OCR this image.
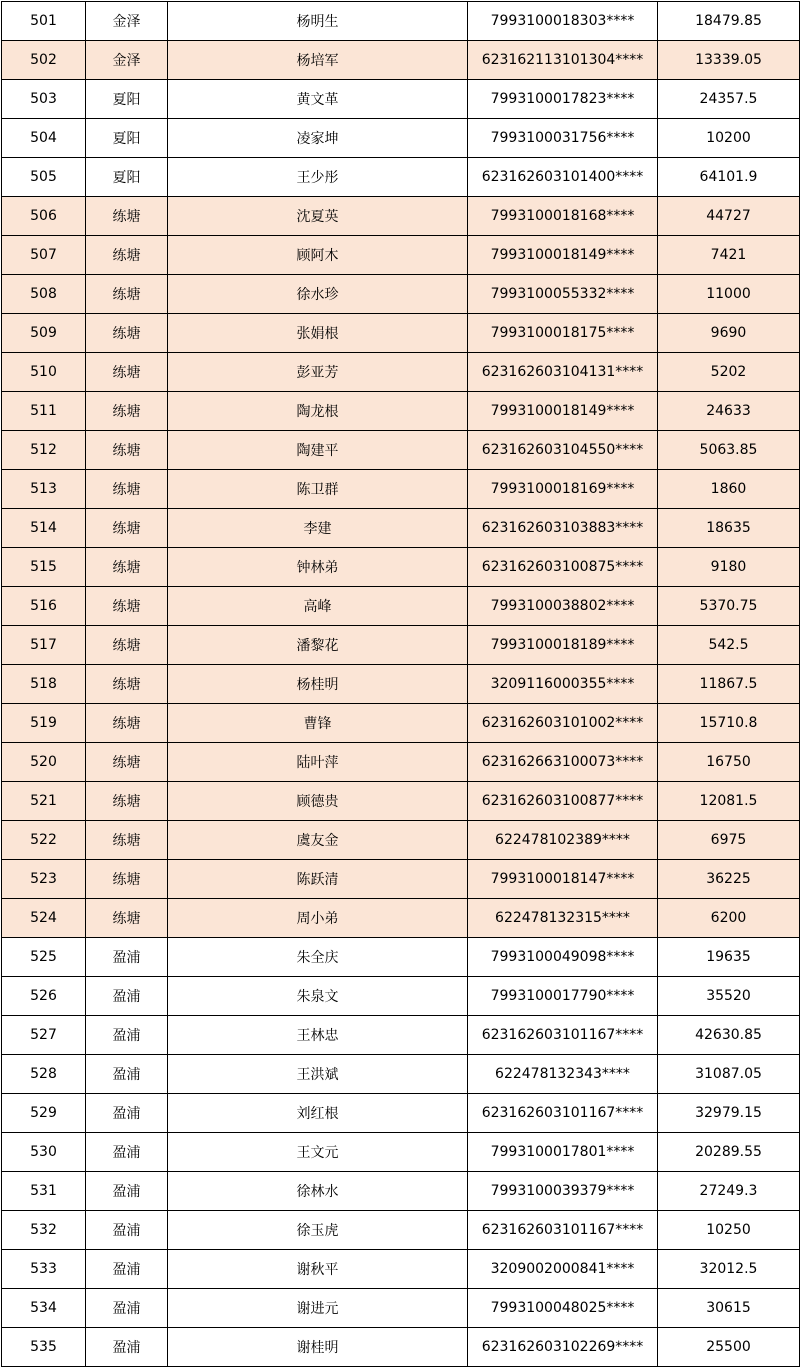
501	金泽	杨明生	7993100018303****	18479.85
502	金泽	杨培军	623162113101304****	13339.05
503	夏阳	黄文革	7993100017823****	24357.5
504	夏阳	凌家坤	7993100031756****	10200
505	夏阳	王少彤	623162603101400****	64101.9
506	练塘	沈夏英	7993100018168****	44727
507	练塘	顾阿木	7993100018149****	7421
508	练塘	徐水珍	7993100055332****	11000
509	练塘	张娟根	7993100018175****	9690
510	练塘	彭亚芳	623162603104131****	5202
511	练塘	陶龙根	7993100018149****	24633
512	练塘	陶建平	623162603104550****	5063.85
513	练塘	陈卫群	7993100018169****	1860
514	练塘	李建	623162603103883****	18635
515	练塘	钟林弟	623162603100875****	9180
516	练塘	高峰	7993100038802****	5370.75
517	练塘	潘黎花	7993100018189****	542.5
518	练塘	杨桂明	3209116000355****	11867.5
519	练塘	曹锋	623162603101002****	15710.8
520	练塘	陆叶萍	623162663100073****	16750
521	练塘	顾德贵	623162603100877****	12081.5
522	练塘	虞友金	622478102389****	6975
523	练塘	陈跃清	7993100018147****	36225
524	练塘	周小弟	622478132315****	6200
525	盈浦	朱全庆	7993100049098****	19635
526	盈浦	朱泉文	7993100017790****	35520
527	盈浦	王林忠	623162603101167****	42630.85
528	盈浦	王洪斌	622478132343****	31087.05
529	盈浦	刘红根	623162603101167****	32979.15
530	盈浦	王文元	7993100017801****	20289.55
531	盈浦	徐林水	7993100039379****	27249.3
532	盈浦	徐玉虎	623162603101167****	10250
533	盈浦	谢秋平	3209002000841****	32012.5
534	盈浦	谢进元	7993100048025****	30615
535	盈浦	谢桂明	623162603102269****	25500
